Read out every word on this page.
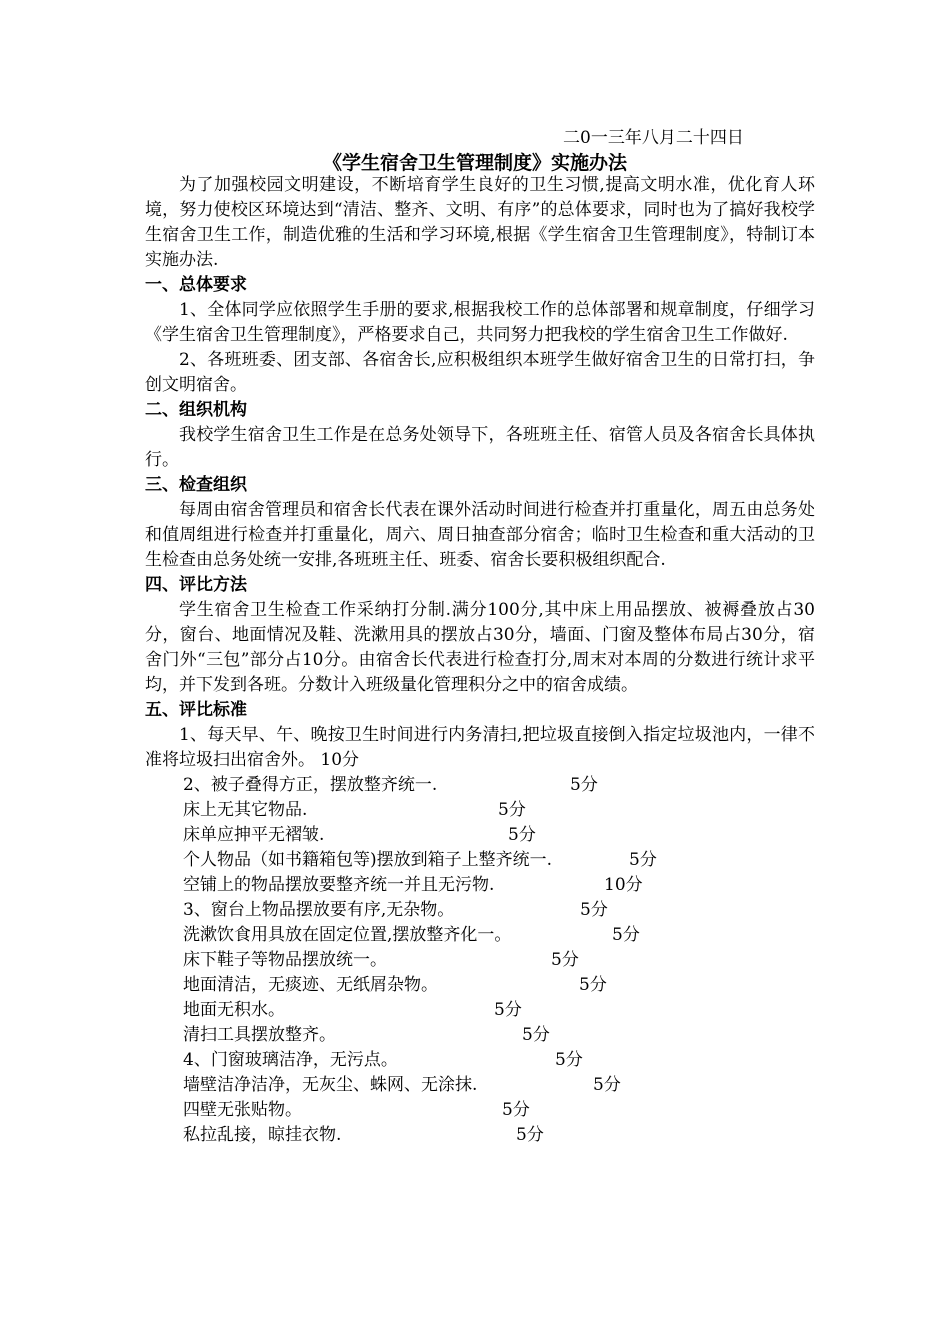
二0一三年八月二十四日
《学生宿舍卫生管理制度》实施办法

为了加强校园文明建设，不断培育学生良好的卫生习惯,提高文明水准，优化育人环境，努力使校区环境达到“清洁、整齐、文明、有序”的总体要求，同时也为了搞好我校学生宿舍卫生工作，制造优雅的生活和学习环境,根据《学生宿舍卫生管理制度》，特制订本实施办法.

一、总体要求

1、全体同学应依照学生手册的要求,根据我校工作的总体部署和规章制度，仔细学习《学生宿舍卫生管理制度》，严格要求自己，共同努力把我校的学生宿舍卫生工作做好.

2、各班班委、团支部、各宿舍长,应积极组织本班学生做好宿舍卫生的日常打扫，争创文明宿舍。

二、组织机构

我校学生宿舍卫生工作是在总务处领导下，各班班主任、宿管人员及各宿舍长具体执行。

三、检查组织

每周由宿舍管理员和宿舍长代表在课外活动时间进行检查并打重量化，周五由总务处和值周组进行检查并打重量化，周六、周日抽查部分宿舍；临时卫生检查和重大活动的卫生检查由总务处统一安排,各班班主任、班委、宿舍长要积极组织配合.

四、评比方法

学生宿舍卫生检查工作采纳打分制.满分100分,其中床上用品摆放、被褥叠放占30分，窗台、地面情况及鞋、洗漱用具的摆放占30分，墙面、门窗及整体布局占30分，宿舍门外“三包”部分占10分。由宿舍长代表进行检查打分,周末对本周的分数进行统计求平均，并下发到各班。分数计入班级量化管理积分之中的宿舍成绩。

五、评比标准

1、每天早、午、晚按卫生时间进行内务清扫,把垃圾直接倒入指定垃圾池内，一律不准将垃圾扫出宿舍外。 10分

2、被子叠得方正，摆放整齐统一.	5分
床上无其它物品.	5分
床单应抻平无褶皱.	5分
个人物品（如书籍箱包等)摆放到箱子上整齐统一.	5分
空铺上的物品摆放要整齐统一并且无污物.	10分
3、窗台上物品摆放要有序,无杂物。	5分
洗漱饮食用具放在固定位置,摆放整齐化一。	5分
床下鞋子等物品摆放统一。	5分
地面清洁，无痰迹、无纸屑杂物。	5分
地面无积水。	5分
清扫工具摆放整齐。	5分
4、门窗玻璃洁净，无污点。	5分
墙壁洁净洁净，无灰尘、蛛网、无涂抹.	5分
四壁无张贴物。	5分
私拉乱接，晾挂衣物.	5分
